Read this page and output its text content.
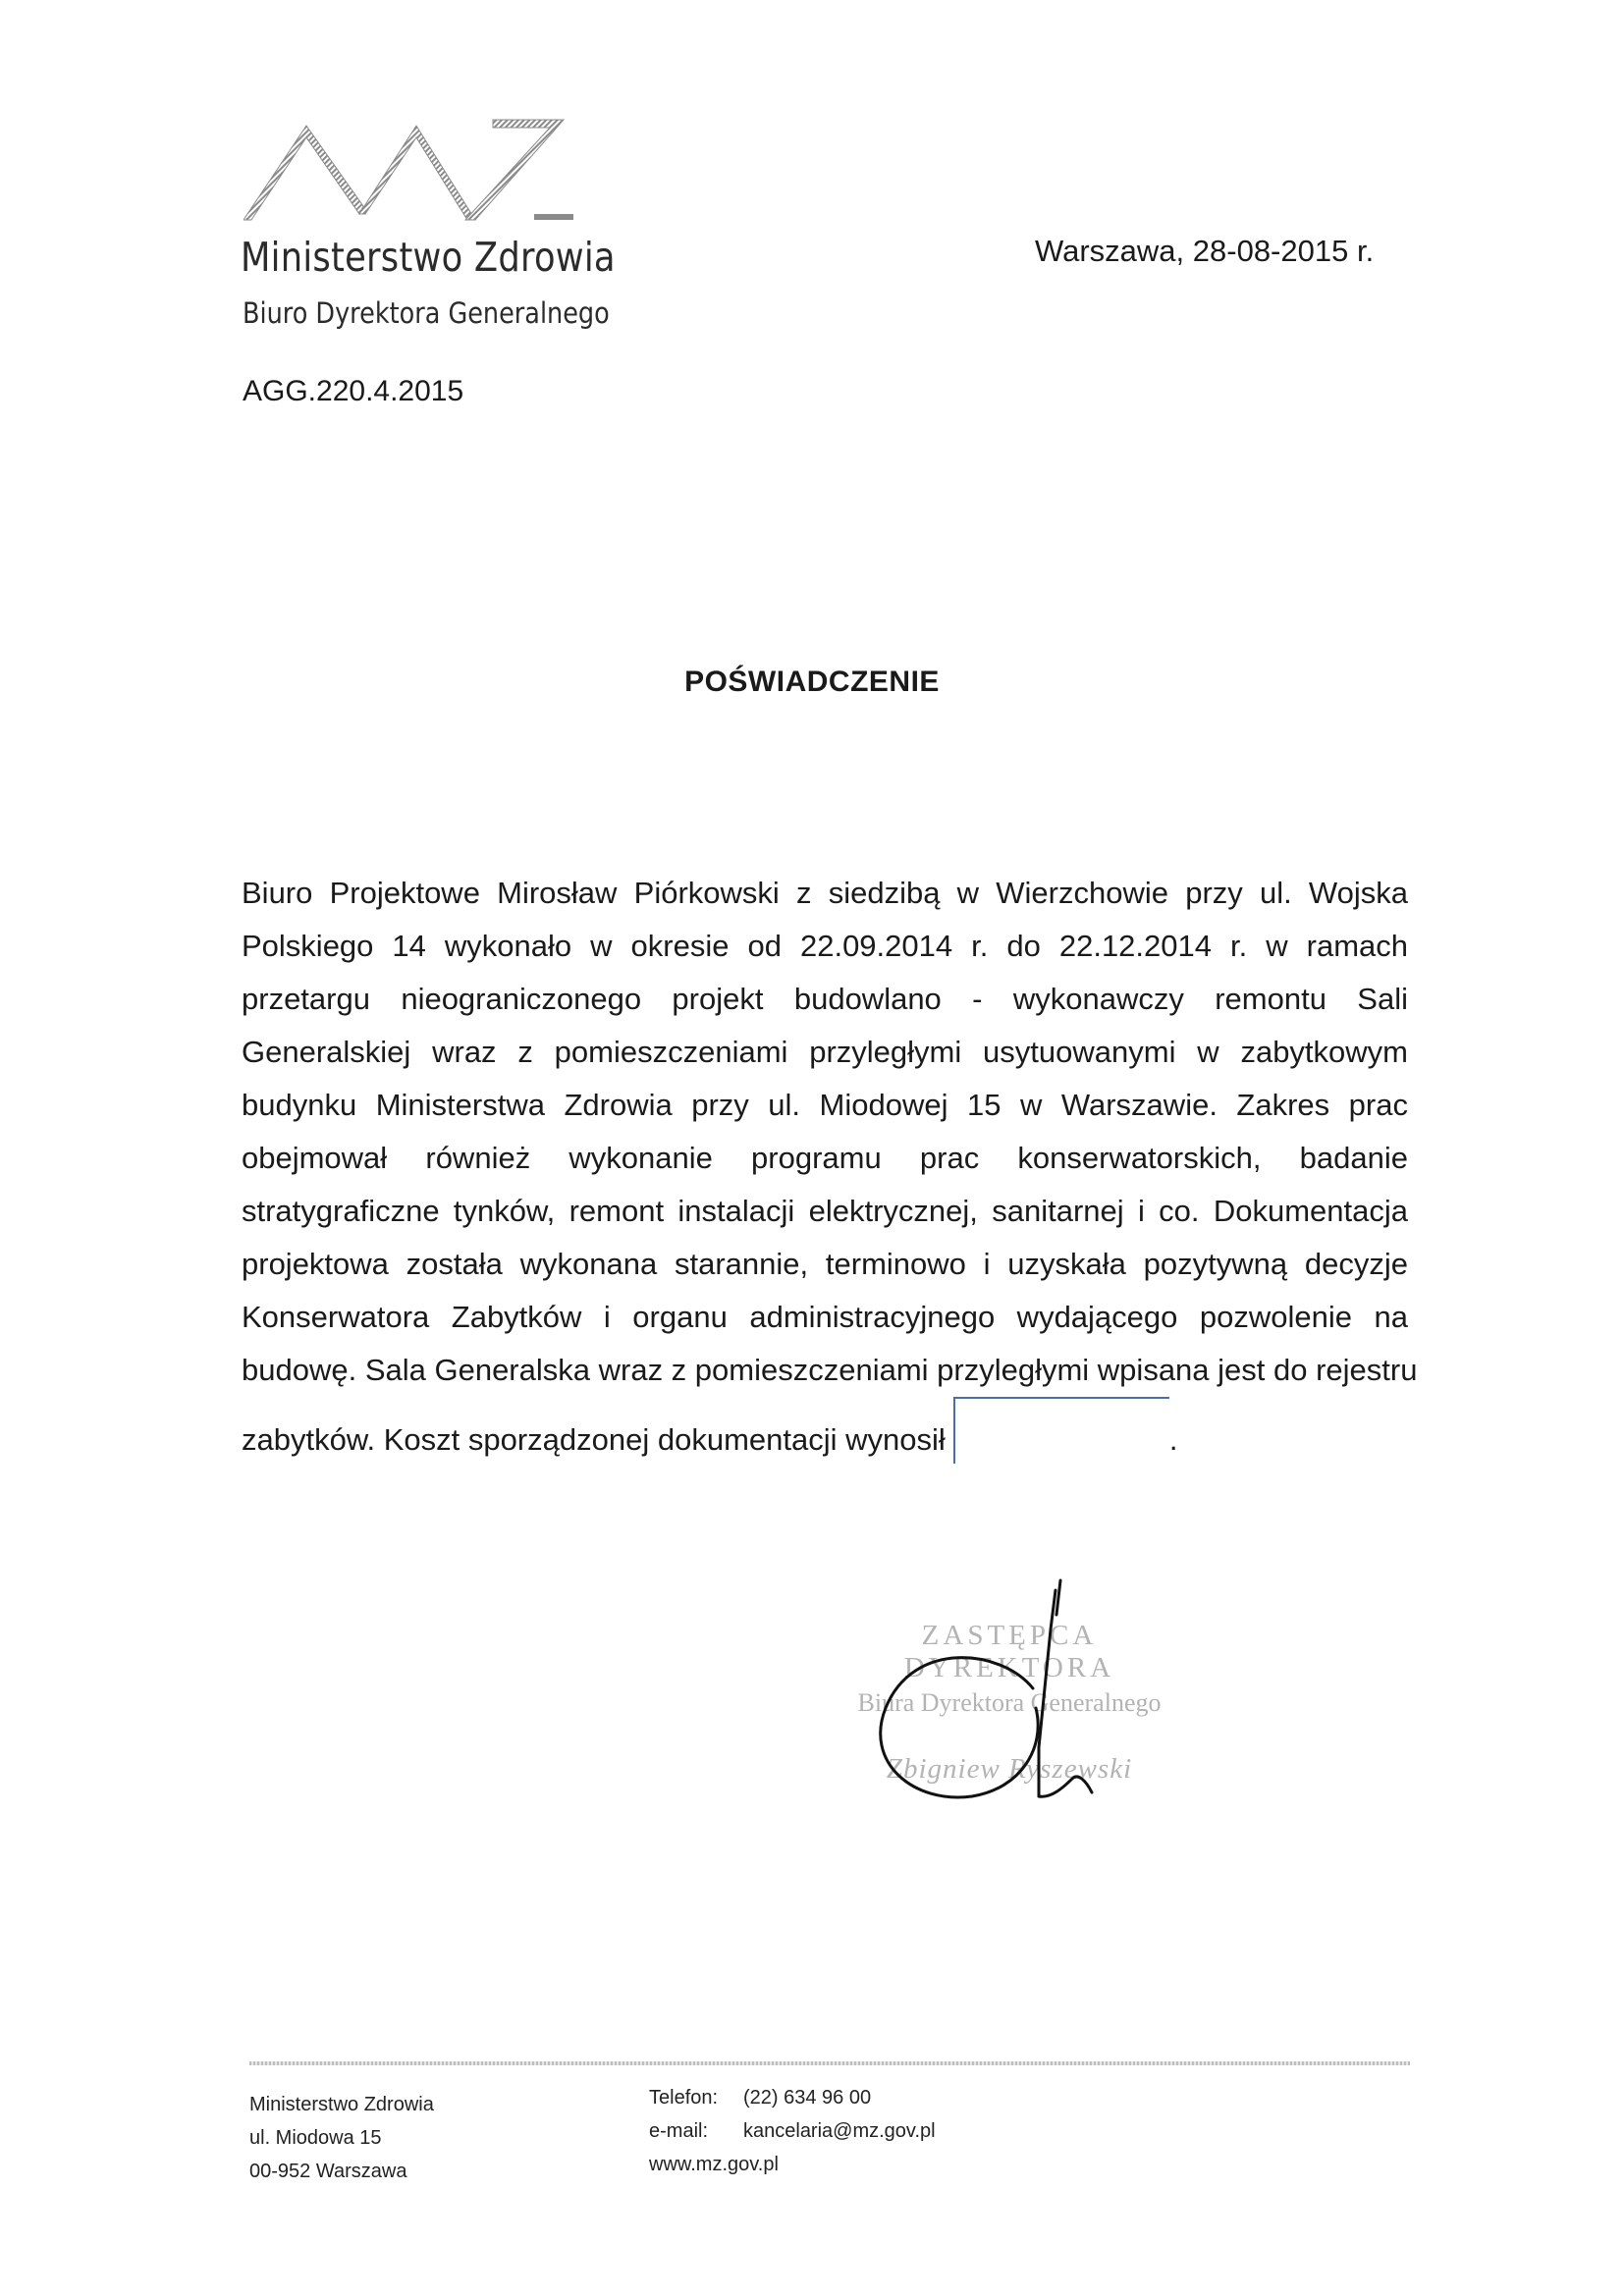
Ministerstwo Zdrowia
Biuro Dyrektora Generalnego
Warszawa, 28-08-2015 r.
AGG.220.4.2015
POŚWIADCZENIE
Biuro Projektowe Mirosław Piórkowski z siedzibą w Wierzchowie przy ul. Wojska
Polskiego 14 wykonało w okresie od 22.09.2014 r. do 22.12.2014 r. w ramach
przetargu nieograniczonego projekt budowlano - wykonawczy remontu Sali
Generalskiej wraz z pomieszczeniami przyległymi usytuowanymi w zabytkowym
budynku Ministerstwa Zdrowia przy ul. Miodowej 15 w Warszawie. Zakres prac
obejmował również wykonanie programu prac konserwatorskich, badanie
stratygraficzne tynków, remont instalacji elektrycznej, sanitarnej i co. Dokumentacja
projektowa została wykonana starannie, terminowo i uzyskała pozytywną decyzje
Konserwatora Zabytków i organu administracyjnego wydającego pozwolenie na
budowę. Sala Generalska wraz z pomieszczeniami przyległymi wpisana jest do rejestru
zabytków. Koszt sporządzonej dokumentacji wynosił	.
ZASTĘPCA DYREKTORA
Biura Dyrektora Generalnego
Zbigniew Ryszewski
Ministerstwo Zdrowia
ul. Miodowa 15
00-952 Warszawa
Telefon: (22) 634 96 00
e-mail: kancelaria@mz.gov.pl
www.mz.gov.pl
